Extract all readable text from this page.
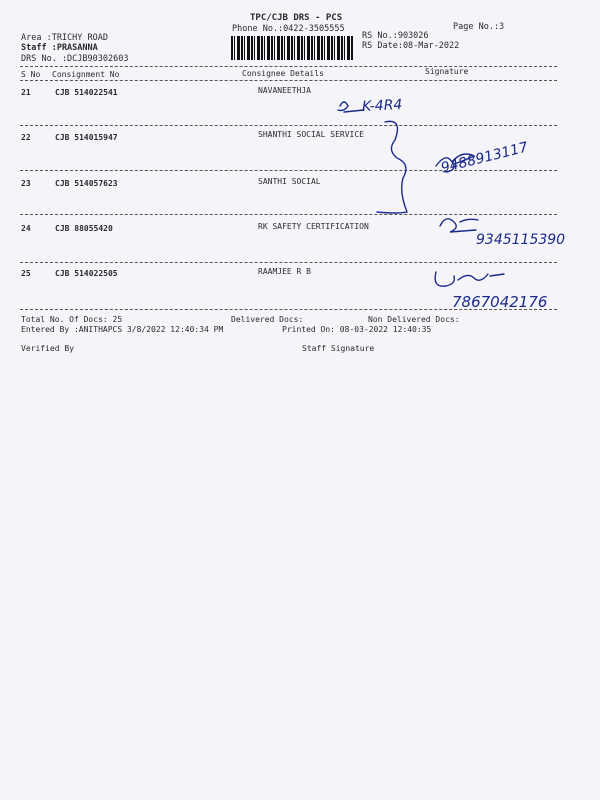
TPC/CJB DRS - PCS
Phone No.:0422-3505555	Page No.:3
Area :TRICHY ROAD
Staff :PRASANNA
DRS No. :DCJB90302603
RS No.:903026
RS Date:08-Mar-2022
S No Consignment No	Consignee Details	Signature
21	CJB 514022541	NAVANEETHJA
K-4R4
22	CJB 514015947	SHANTHI SOCIAL SERVICE
9488913117
23	CJB 514057623	SANTHI SOCIAL
24	CJB 88055420	RK SAFETY CERTIFICATION
9345115390
25	CJB 514022505	RAAMJEE R B
7867042176
Total No. Of Docs: 25	Delivered Docs:	Non Delivered Docs:
Entered By :ANITHAPCS 3/8/2022 12:40:34 PM	Printed On: 08-03-2022 12:40:35
Verified By	Staff Signature
